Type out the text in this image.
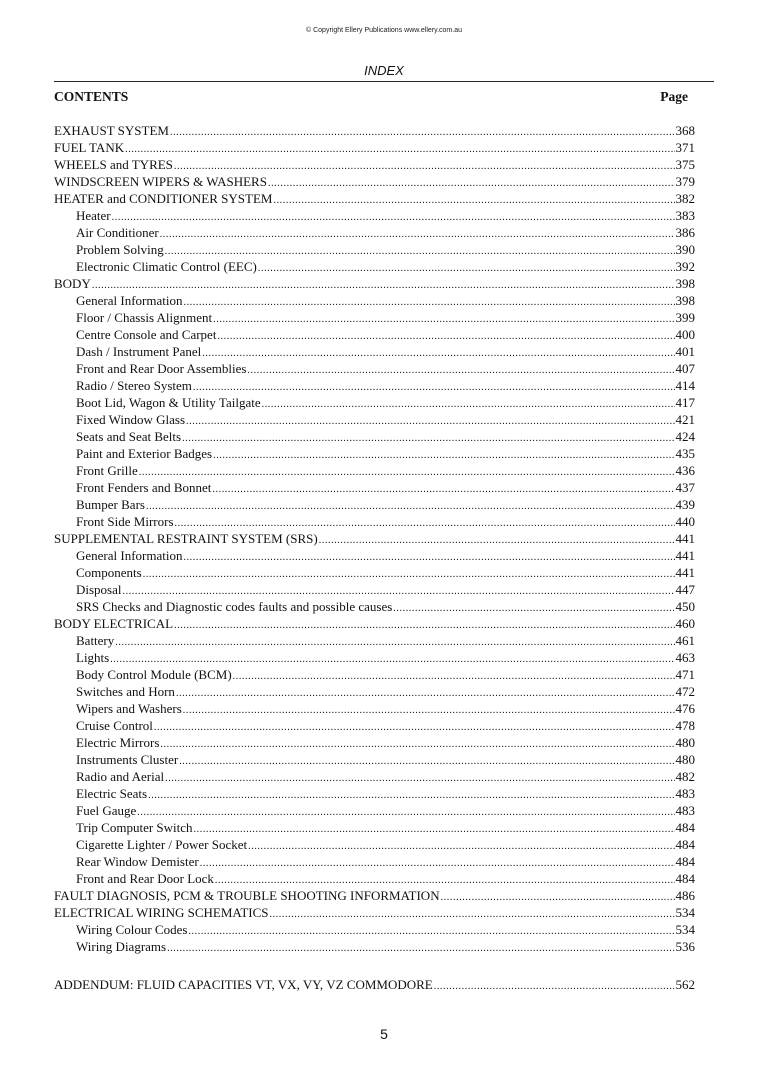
© Copyright Ellery Publications www.ellery.com.au
INDEX
CONTENTS	Page
EXHAUST SYSTEM .....	368
FUEL TANK .....	371
WHEELS and TYRES .....	375
WINDSCREEN WIPERS & WASHERS .....	379
HEATER and CONDITIONER SYSTEM .....	382
Heater .....	383
Air Conditioner .....	386
Problem Solving .....	390
Electronic Climatic Control (EEC) .....	392
BODY .....	398
General Information .....	398
Floor / Chassis Alignment .....	399
Centre Console and Carpet .....	400
Dash / Instrument Panel .....	401
Front and Rear Door Assemblies .....	407
Radio / Stereo System .....	414
Boot Lid, Wagon & Utility Tailgate .....	417
Fixed Window Glass .....	421
Seats and Seat Belts .....	424
Paint and Exterior Badges .....	435
Front Grille .....	436
Front Fenders and Bonnet .....	437
Bumper Bars .....	439
Front Side Mirrors .....	440
SUPPLEMENTAL RESTRAINT SYSTEM (SRS) .....	441
General Information .....	441
Components .....	441
Disposal .....	447
SRS Checks and Diagnostic codes faults and possible causes .....	450
BODY ELECTRICAL .....	460
Battery .....	461
Lights .....	463
Body Control Module (BCM) .....	471
Switches and Horn .....	472
Wipers and Washers .....	476
Cruise Control .....	478
Electric Mirrors .....	480
Instruments Cluster .....	480
Radio and Aerial .....	482
Electric Seats .....	483
Fuel Gauge .....	483
Trip Computer Switch .....	484
Cigarette Lighter / Power Socket .....	484
Rear Window Demister .....	484
Front and Rear Door Lock .....	484
FAULT DIAGNOSIS, PCM & TROUBLE SHOOTING INFORMATION .....	486
ELECTRICAL WIRING SCHEMATICS .....	534
Wiring Colour Codes .....	534
Wiring Diagrams .....	536
ADDENDUM: FLUID CAPACITIES VT, VX, VY, VZ COMMODORE .....	562
5
